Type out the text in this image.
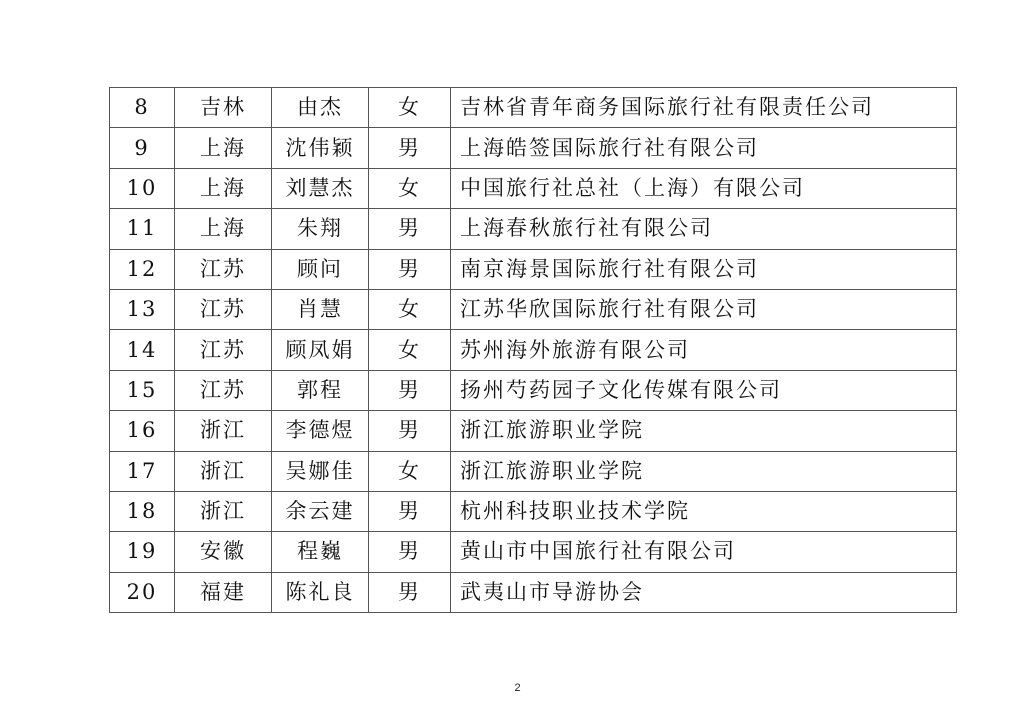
8	吉林	由杰	女	吉林省青年商务国际旅行社有限责任公司
9	上海	沈伟颖	男	上海皓签国际旅行社有限公司
10	上海	刘慧杰	女	中国旅行社总社（上海）有限公司
11	上海	朱翔	男	上海春秋旅行社有限公司
12	江苏	顾问	男	南京海景国际旅行社有限公司
13	江苏	肖慧	女	江苏华欣国际旅行社有限公司
14	江苏	顾凤娟	女	苏州海外旅游有限公司
15	江苏	郭程	男	扬州芍药园子文化传媒有限公司
16	浙江	李德煜	男	浙江旅游职业学院
17	浙江	吴娜佳	女	浙江旅游职业学院
18	浙江	余云建	男	杭州科技职业技术学院
19	安徽	程巍	男	黄山市中国旅行社有限公司
20	福建	陈礼良	男	武夷山市导游协会
2
